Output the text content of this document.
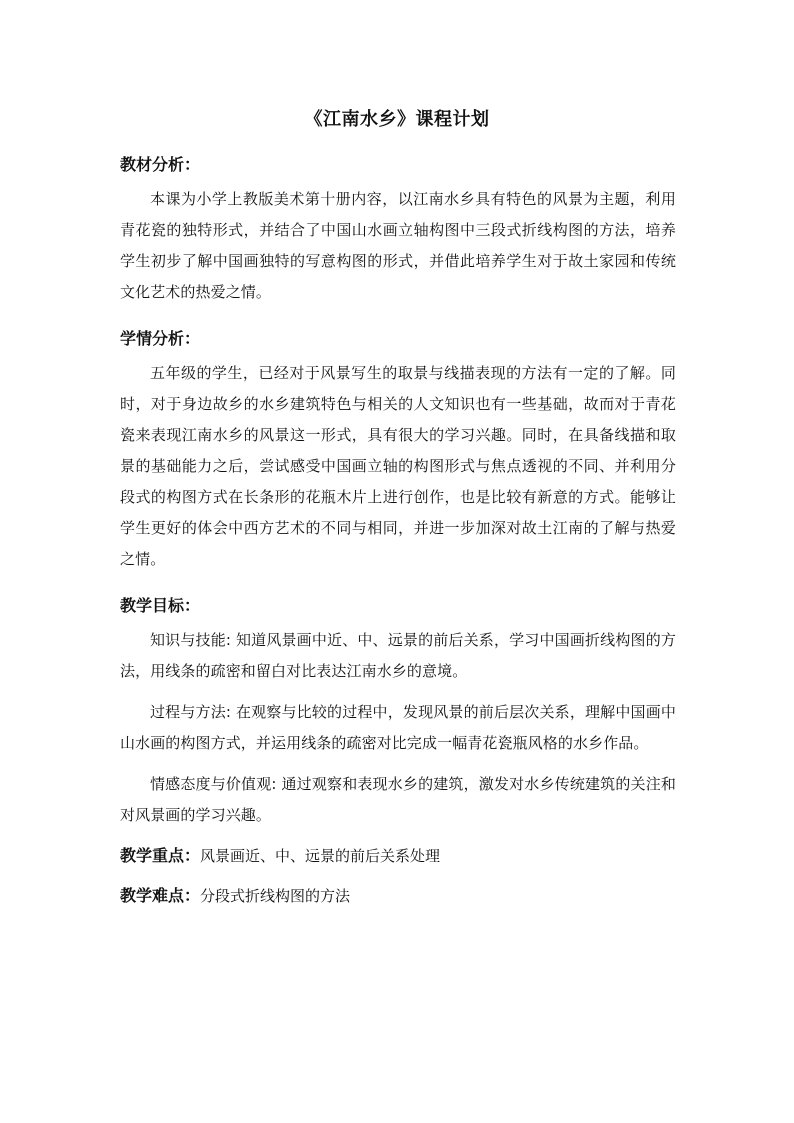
《江南水乡》课程计划

教材分析：

本课为小学上教版美术第十册内容，以江南水乡具有特色的风景为主题，利用青花瓷的独特形式，并结合了中国山水画立轴构图中三段式折线构图的方法，培养学生初步了解中国画独特的写意构图的形式，并借此培养学生对于故土家园和传统文化艺术的热爱之情。

学情分析：

五年级的学生，已经对于风景写生的取景与线描表现的方法有一定的了解。同时，对于身边故乡的水乡建筑特色与相关的人文知识也有一些基础，故而对于青花瓷来表现江南水乡的风景这一形式，具有很大的学习兴趣。同时，在具备线描和取景的基础能力之后，尝试感受中国画立轴的构图形式与焦点透视的不同、并利用分段式的构图方式在长条形的花瓶木片上进行创作，也是比较有新意的方式。能够让学生更好的体会中西方艺术的不同与相同，并进一步加深对故土江南的了解与热爱之情。

教学目标：

知识与技能: 知道风景画中近、中、远景的前后关系，学习中国画折线构图的方法，用线条的疏密和留白对比表达江南水乡的意境。

过程与方法: 在观察与比较的过程中，发现风景的前后层次关系，理解中国画中山水画的构图方式，并运用线条的疏密对比完成一幅青花瓷瓶风格的水乡作品。

情感态度与价值观: 通过观察和表现水乡的建筑，激发对水乡传统建筑的关注和对风景画的学习兴趣。

教学重点：风景画近、中、远景的前后关系处理

教学难点：分段式折线构图的方法
